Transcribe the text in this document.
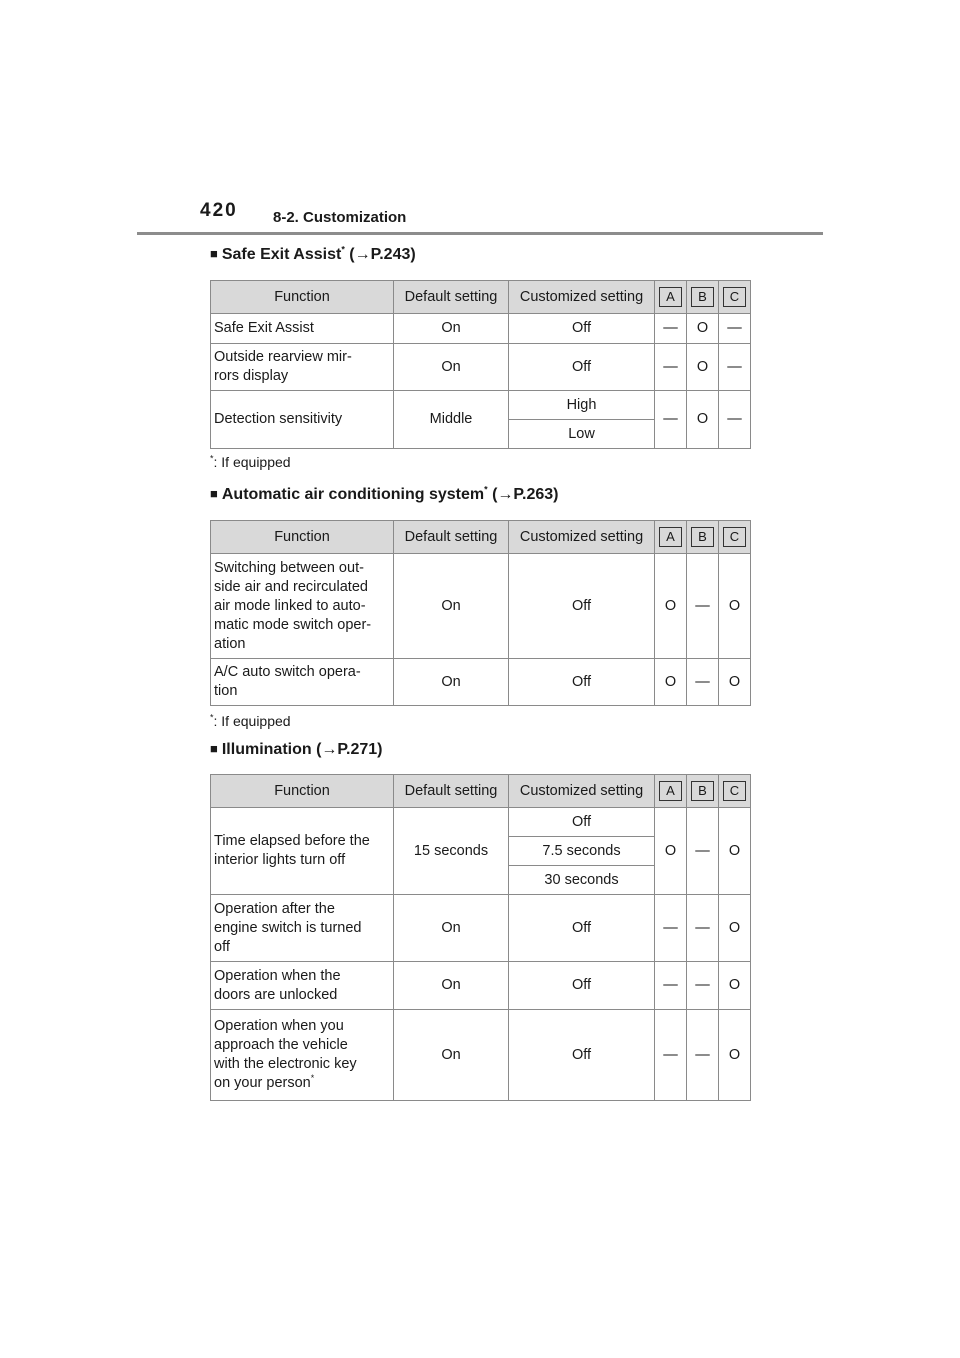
420 8-2. Customization
■ Safe Exit Assist* (→P.243)
Function	Default setting	Customized setting	A	B	C
Safe Exit Assist	On	Off	—	O	—
Outside rearview mir-
rors display	On	Off	—	O	—
Detection sensitivity	Middle	High	—	O	—
		Low			
*: If equipped
■ Automatic air conditioning system* (→P.263)
Function	Default setting	Customized setting	A	B	C
Switching between out-
side air and recirculated
air mode linked to auto-
matic mode switch oper-
ation	On	Off	O	—	O
A/C auto switch opera-
tion	On	Off	O	—	O
*: If equipped
■ Illumination (→P.271)
Function	Default setting	Customized setting	A	B	C
Time elapsed before the
interior lights turn off	15 seconds	Off	O	—	O
		7.5 seconds			
		30 seconds			
Operation after the
engine switch is turned
off	On	Off	—	—	O
Operation when the
doors are unlocked	On	Off	—	—	O
Operation when you
approach the vehicle
with the electronic key
on your person*	On	Off	—	—	O
